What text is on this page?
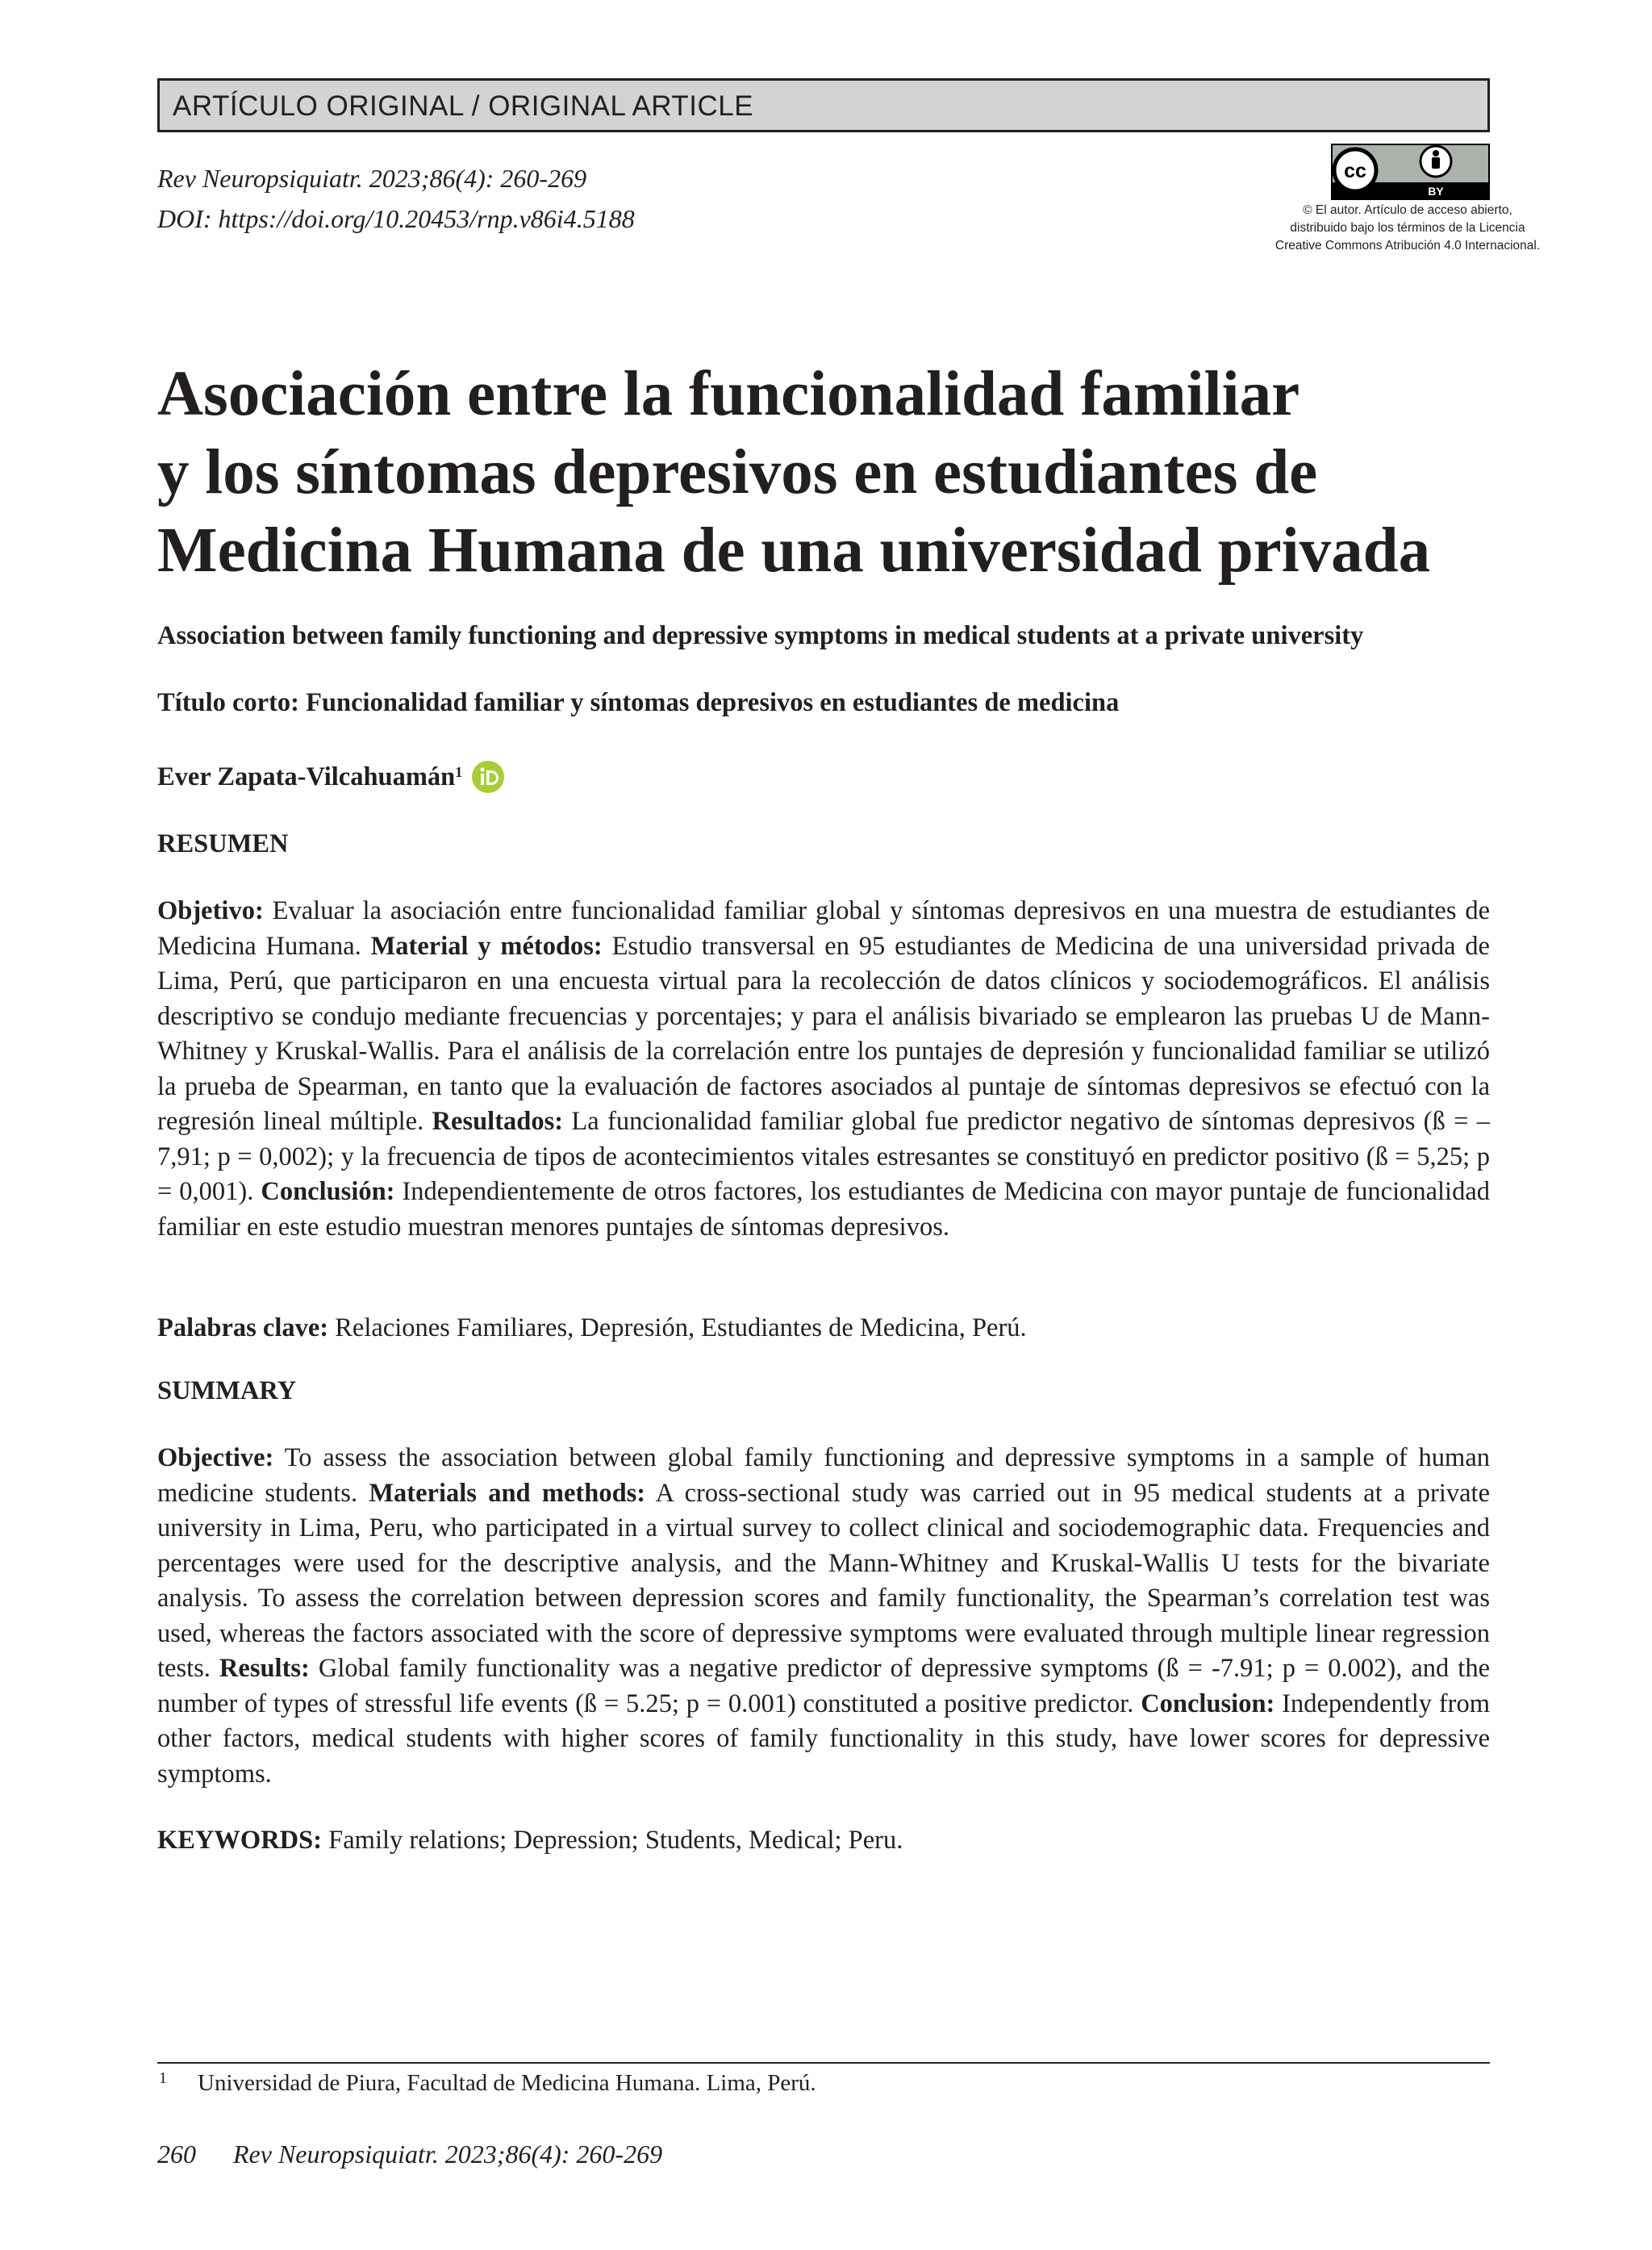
ARTÍCULO ORIGINAL / ORIGINAL ARTICLE
Rev Neuropsiquiatr. 2023;86(4): 260-269
DOI: https://doi.org/10.20453/rnp.v86i4.5188
cc
BY
© El autor. Artículo de acceso abierto, distribuido bajo los términos de la Licencia Creative Commons Atribución 4.0 Internacional.
Asociación entre la funcionalidad familiar
y los síntomas depresivos en estudiantes de
Medicina Humana de una universidad privada
Association between family functioning and depressive symptoms in medical students at a private university
Título corto: Funcionalidad familiar y síntomas depresivos en estudiantes de medicina
Ever Zapata-Vilcahuamán$^1$
RESUMEN

Objetivo: Evaluar la asociación entre funcionalidad familiar global y síntomas depresivos en una muestra de estudiantes de Medicina Humana. Material y métodos: Estudio transversal en 95 estudiantes de Medicina de una universidad privada de Lima, Perú, que participaron en una encuesta virtual para la recolección de datos clínicos y sociodemográficos. El análisis descriptivo se condujo mediante frecuencias y porcentajes; y para el análisis bivariado se emplearon las pruebas U de Mann-Whitney y Kruskal-Wallis. Para el análisis de la correlación entre los puntajes de depresión y funcionalidad familiar se utilizó la prueba de Spearman, en tanto que la evaluación de factores asociados al puntaje de síntomas depresivos se efectuó con la regresión lineal múltiple. Resultados: La funcionalidad familiar global fue predictor negativo de síntomas depresivos (ß = –7,91; p = 0,002); y la frecuencia de tipos de acontecimientos vitales estresantes se constituyó en predictor positivo (ß = 5,25; p = 0,001). Conclusión: Independientemente de otros factores, los estudiantes de Medicina con mayor puntaje de funcionalidad familiar en este estudio muestran menores puntajes de síntomas depresivos.

Palabras clave: Relaciones Familiares, Depresión, Estudiantes de Medicina, Perú.

SUMMARY

Objective: To assess the association between global family functioning and depressive symptoms in a sample of human medicine students. Materials and methods: A cross-sectional study was carried out in 95 medical students at a private university in Lima, Peru, who participated in a virtual survey to collect clinical and sociodemographic data. Frequencies and percentages were used for the descriptive analysis, and the Mann-Whitney and Kruskal-Wallis U tests for the bivariate analysis. To assess the correlation between depression scores and family functionality, the Spearman’s correlation test was used, whereas the factors associated with the score of depressive symptoms were evaluated through multiple linear regression tests. Results: Global family functionality was a negative predictor of depressive symptoms (ß = -7.91; p = 0.002), and the number of types of stressful life events (ß = 5.25; p = 0.001) constituted a positive predictor. Conclusion: Independently from other factors, medical students with higher scores of family functionality in this study, have lower scores for depressive symptoms.

KEYWORDS: Family relations; Depression; Students, Medical; Peru.

1 Universidad de Piura, Facultad de Medicina Humana. Lima, Perú.
260 Rev Neuropsiquiatr. 2023;86(4): 260-269
